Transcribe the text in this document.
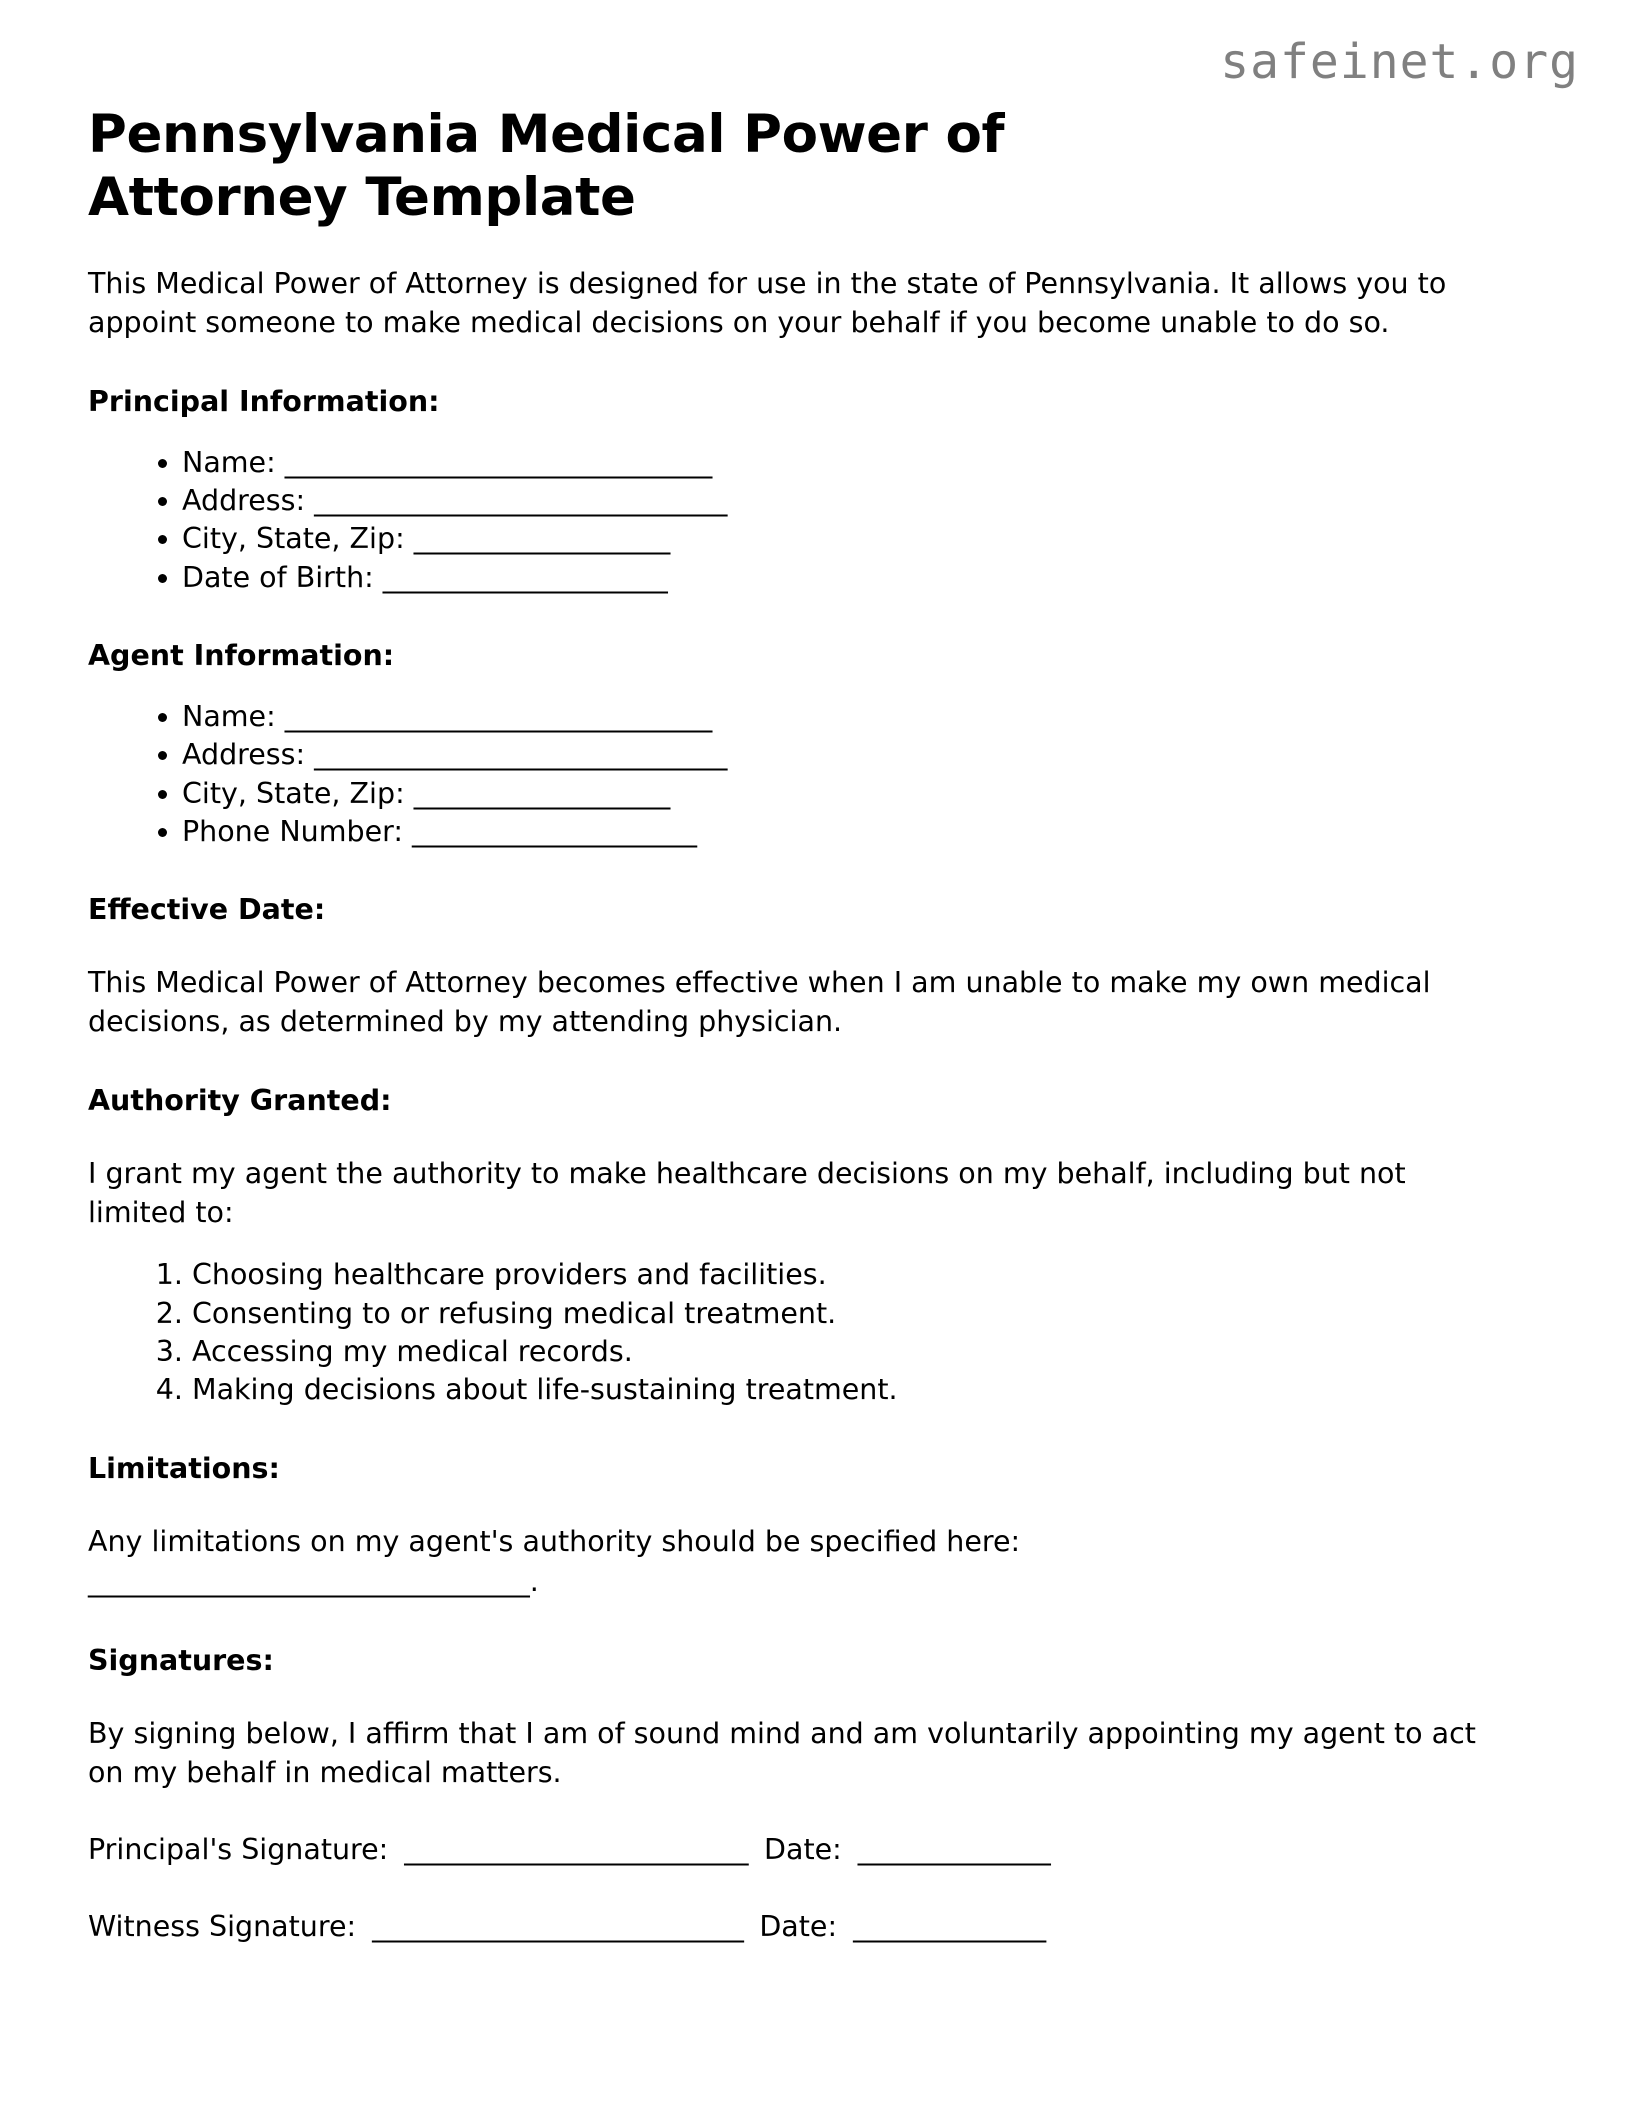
safeinet.org
Pennsylvania Medical Power of Attorney Template

This Medical Power of Attorney is designed for use in the state of Pennsylvania. It allows you to appoint someone to make medical decisions on your behalf if you become unable to do so.

Principal Information:
• Name: ______________________________
• Address: _____________________________
• City, State, Zip: __________________
• Date of Birth: ____________________
Agent Information:
• Name: ______________________________
• Address: _____________________________
• City, State, Zip: __________________
• Phone Number: ____________________
Effective Date:

This Medical Power of Attorney becomes effective when I am unable to make my own medical decisions, as determined by my attending physician.

Authority Granted:

I grant my agent the authority to make healthcare decisions on my behalf, including but not limited to:

1. Choosing healthcare providers and facilities.
2. Consenting to or refusing medical treatment.
3. Accessing my medical records.
4. Making decisions about life-sustaining treatment.
Limitations:

Any limitations on my agent's authority should be specified here:

_______________________________.
Signatures:

By signing below, I affirm that I am of sound mind and am voluntarily appointing my agent to act on my behalf in medical matters.

Principal's Signature: _________________________ Date: ______________
Witness Signature: ___________________________ Date: ______________
